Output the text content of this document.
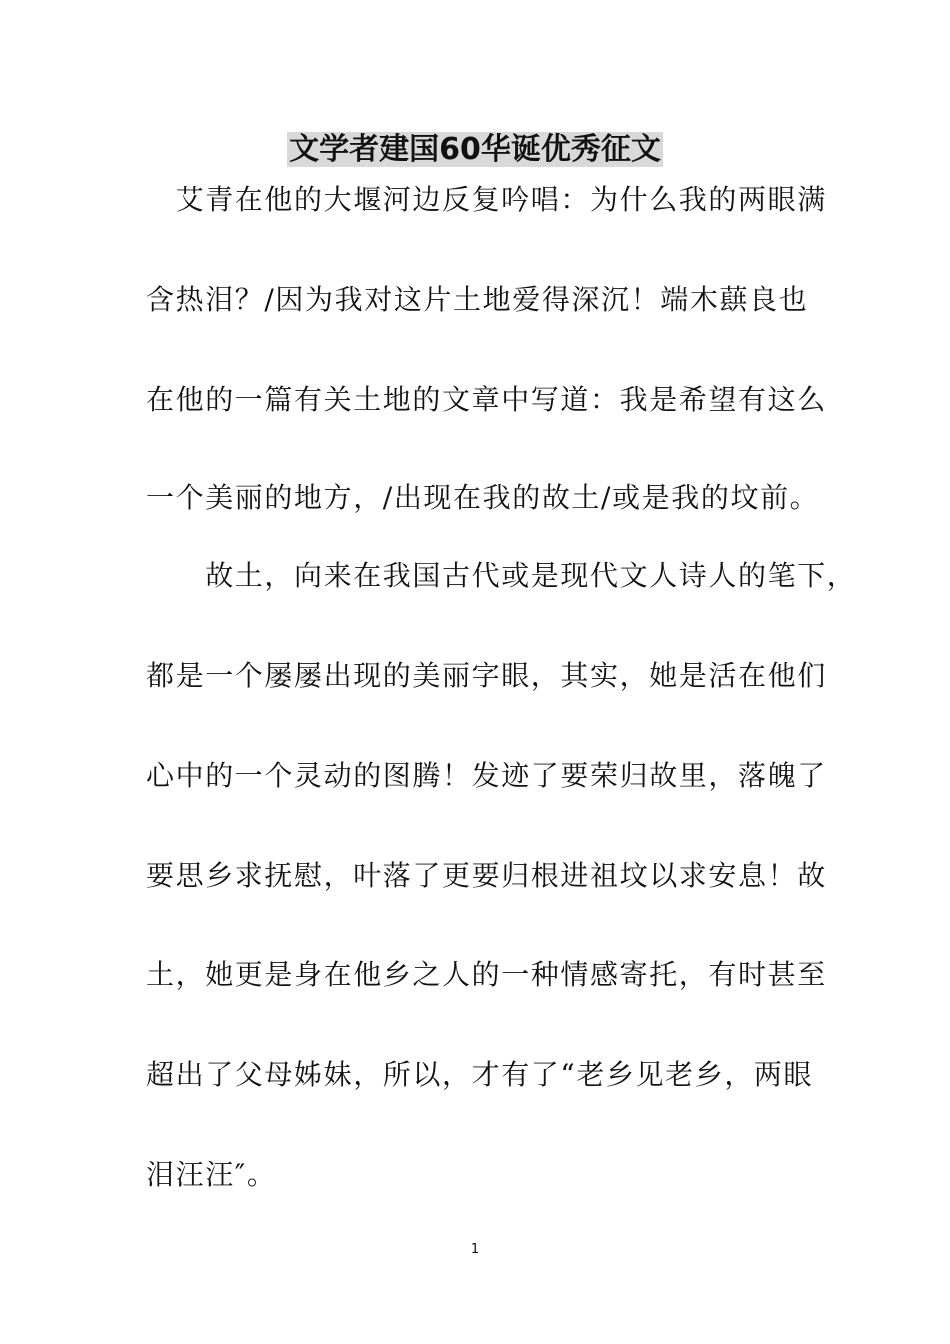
文学者建国60华诞优秀征文
　艾青在他的大堰河边反复吟唱：为什么我的两眼满
含热泪？/因为我对这片土地爱得深沉！端木蕻良也
在他的一篇有关土地的文章中写道：我是希望有这么
一个美丽的地方，/出现在我的故土/或是我的坟前。
　　故土，向来在我国古代或是现代文人诗人的笔下，
都是一个屡屡出现的美丽字眼，其实，她是活在他们
心中的一个灵动的图腾！发迹了要荣归故里，落魄了
要思乡求抚慰，叶落了更要归根进祖坟以求安息！故
土，她更是身在他乡之人的一种情感寄托，有时甚至
超出了父母姊妹，所以，才有了“老乡见老乡，两眼
泪汪汪″。
1
